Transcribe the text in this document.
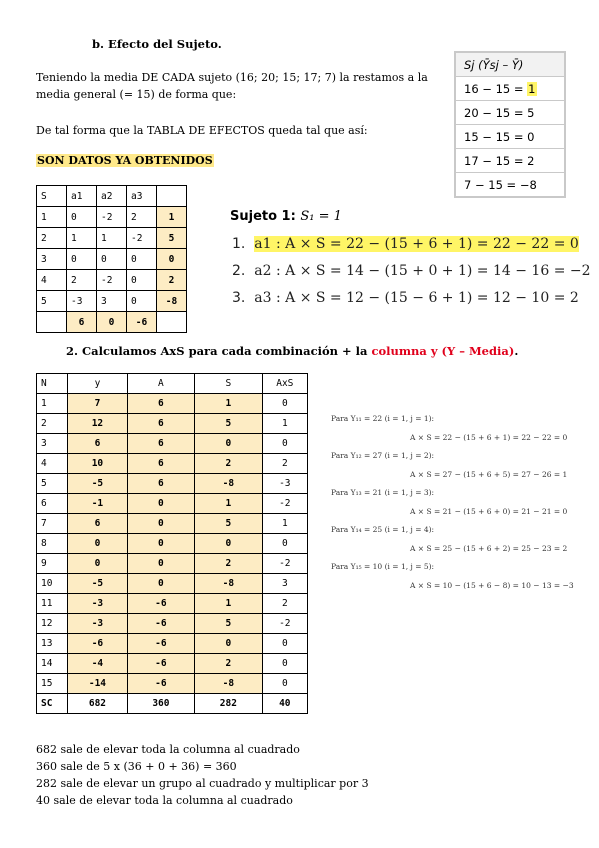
b. Efecto del Sujeto.
Teniendo la media DE CADA sujeto (16; 20; 15; 17; 7) la restamos a la
media general (= 15) de forma que:
De tal forma que la TABLA DE EFECTOS queda tal que así:
SON DATOS YA OBTENIDOS
Sj (Ȳsj – Ȳ)
16 − 15 = 1
20 − 15 = 5
15 − 15 = 0
17 − 15 = 2
7 − 15 = −8
S	a1	a2	a3	
1	0	-2	2	1
2	1	1	-2	5
3	0	0	0	0
4	2	-2	0	2
5	-3	3	0	-8
	6	0	-6	
Sujeto 1: S₁ = 1
1. a1 : A × S = 22 − (15 + 6 + 1) = 22 − 22 = 0
2. a2 : A × S = 14 − (15 + 0 + 1) = 14 − 16 = −2
3. a3 : A × S = 12 − (15 − 6 + 1) = 12 − 10 = 2
2. Calculamos AxS para cada combinación + la columna y (Y – Media).
N	y	A	S	AxS
1	7	6	1	0
2	12	6	5	1
3	6	6	0	0
4	10	6	2	2
5	-5	6	-8	-3
6	-1	0	1	-2
7	6	0	5	1
8	0	0	0	0
9	0	0	2	-2
10	-5	0	-8	3
11	-3	-6	1	2
12	-3	-6	5	-2
13	-6	-6	0	0
14	-4	-6	2	0
15	-14	-6	-8	0
SC	682	360	282	40
Para Y₁₁ = 22 (i = 1, j = 1):
A × S = 22 − (15 + 6 + 1) = 22 − 22 = 0
Para Y₁₂ = 27 (i = 1, j = 2):
A × S = 27 − (15 + 6 + 5) = 27 − 26 = 1
Para Y₁₃ = 21 (i = 1, j = 3):
A × S = 21 − (15 + 6 + 0) = 21 − 21 = 0
Para Y₁₄ = 25 (i = 1, j = 4):
A × S = 25 − (15 + 6 + 2) = 25 − 23 = 2
Para Y₁₅ = 10 (i = 1, j = 5):
A × S = 10 − (15 + 6 − 8) = 10 − 13 = −3
682 sale de elevar toda la columna al cuadrado
360 sale de 5 x (36 + 0 + 36) = 360
282 sale de elevar un grupo al cuadrado y multiplicar por 3
40 sale de elevar toda la columna al cuadrado
